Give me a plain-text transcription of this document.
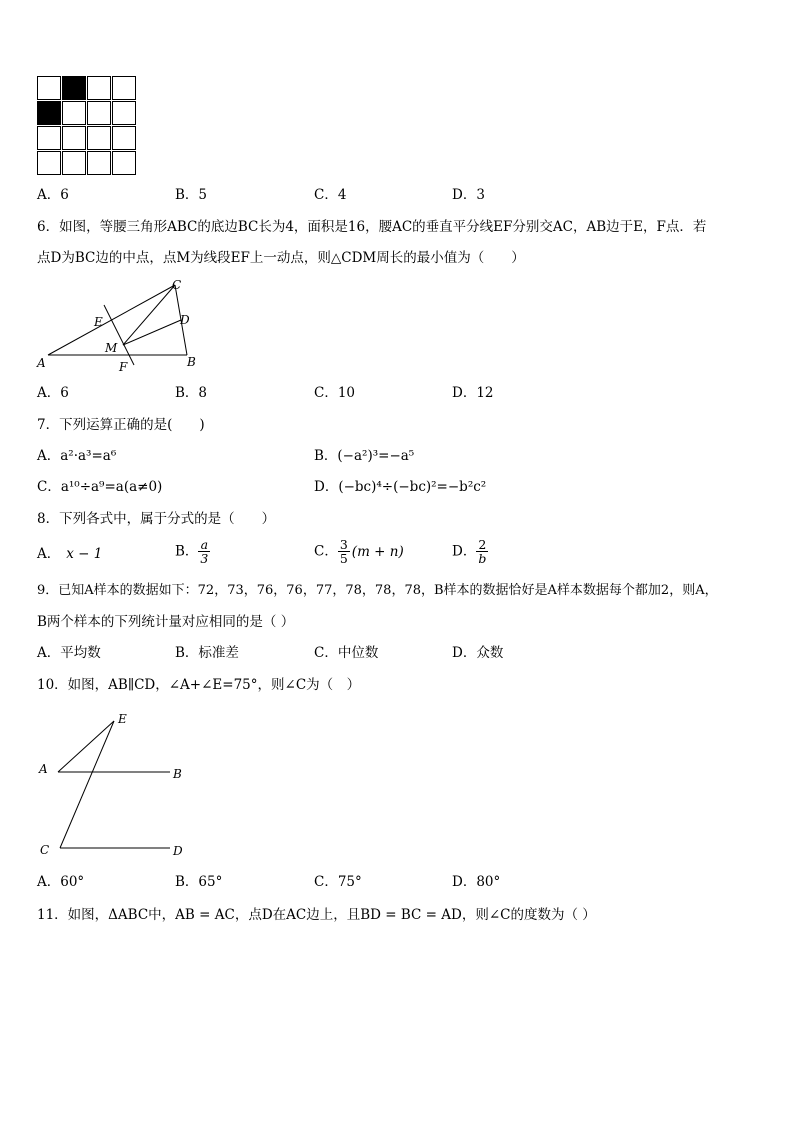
A．6	B．5	C．4	D．3
6．如图，等腰三角形ABC的底边BC长为4，面积是16，腰AC的垂直平分线EF分别交AC，AB边于E，F点．若
点D为BC边的中点，点M为线段EF上一动点，则△CDM周长的最小值为（　　）
A	B
C
D
E
F
M
A．6	B．8	C．10	D．12
7．下列运算正确的是(　　)
A．a²·a³=a⁶	B．(−a²)³=−a⁵
C．a¹⁰÷a⁹=a(a≠0)	D．(−bc)⁴÷(−bc)²=−b²c²
8．下列各式中，属于分式的是（　　）
A． x − 1	B． $\frac{a}{3}$	C． $\frac{3}{5} (m + n)$	D． $\frac{2}{b}$
9．已知A样本的数据如下：72，73，76，76，77，78，78，78，B样本的数据恰好是A样本数据每个都加2，则A，
B两个样本的下列统计量对应相同的是（ ）
A．平均数	B．标准差	C．中位数	D．众数
10．如图，AB∥CD，∠A+∠E=75°，则∠C为（　）
A	B
C	D
E
A．60°	B．65°	C．75°	D．80°
11．如图，ΔABC中，AB = AC，点D在AC边上，且BD = BC = AD，则∠C的度数为（ ）
